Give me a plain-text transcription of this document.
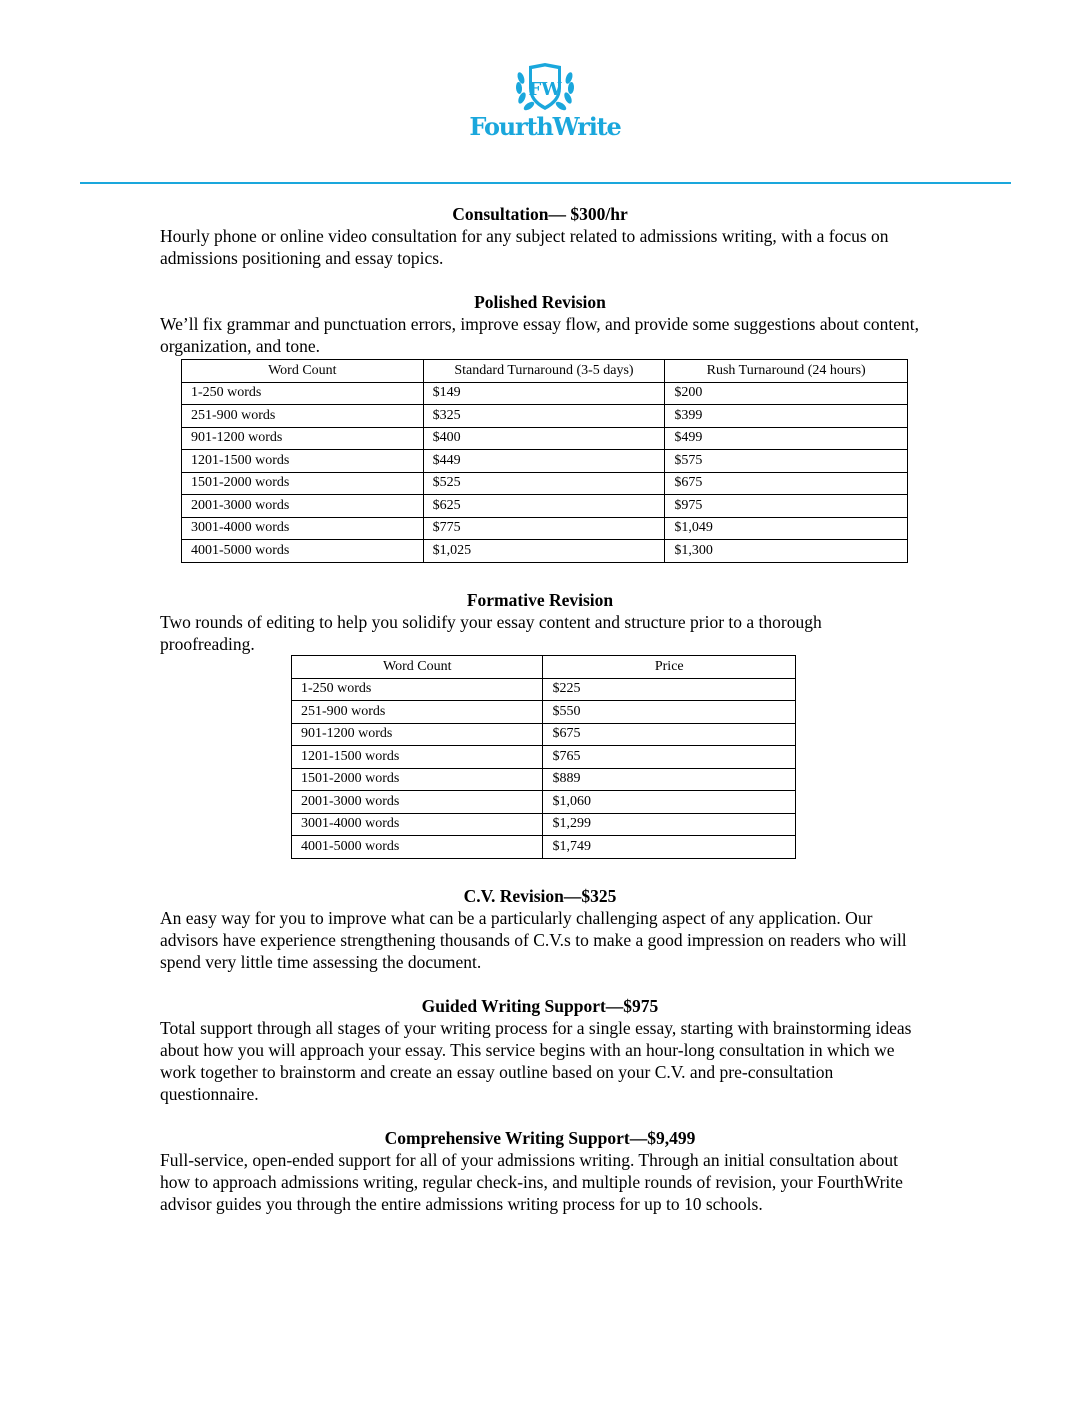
FW
FourthWrite
Consultation— $300/hr

Hourly phone or online video consultation for any subject related to admissions writing, with a focus on admissions positioning and essay topics.

Polished Revision

We’ll fix grammar and punctuation errors, improve essay flow, and provide some suggestions about content, organization, and tone.

Word Count	Standard Turnaround (3-5 days)	Rush Turnaround (24 hours)
1-250 words	$149	$200
251-900 words	$325	$399
901-1200 words	$400	$499
1201-1500 words	$449	$575
1501-2000 words	$525	$675
2001-3000 words	$625	$975
3001-4000 words	$775	$1,049
4001-5000 words	$1,025	$1,300
Formative Revision

Two rounds of editing to help you solidify your essay content and structure prior to a thorough proofreading.

Word Count	Price
1-250 words	$225
251-900 words	$550
901-1200 words	$675
1201-1500 words	$765
1501-2000 words	$889
2001-3000 words	$1,060
3001-4000 words	$1,299
4001-5000 words	$1,749
C.V. Revision—$325

An easy way for you to improve what can be a particularly challenging aspect of any application. Our advisors have experience strengthening thousands of C.V.s to make a good impression on readers who will spend very little time assessing the document.

Guided Writing Support—$975

Total support through all stages of your writing process for a single essay, starting with brainstorming ideas about how you will approach your essay. This service begins with an hour-long consultation in which we work together to brainstorm and create an essay outline based on your C.V. and pre-consultation questionnaire.

Comprehensive Writing Support—$9,499

Full-service, open-ended support for all of your admissions writing. Through an initial consultation about how to approach admissions writing, regular check-ins, and multiple rounds of revision, your FourthWrite advisor guides you through the entire admissions writing process for up to 10 schools.
